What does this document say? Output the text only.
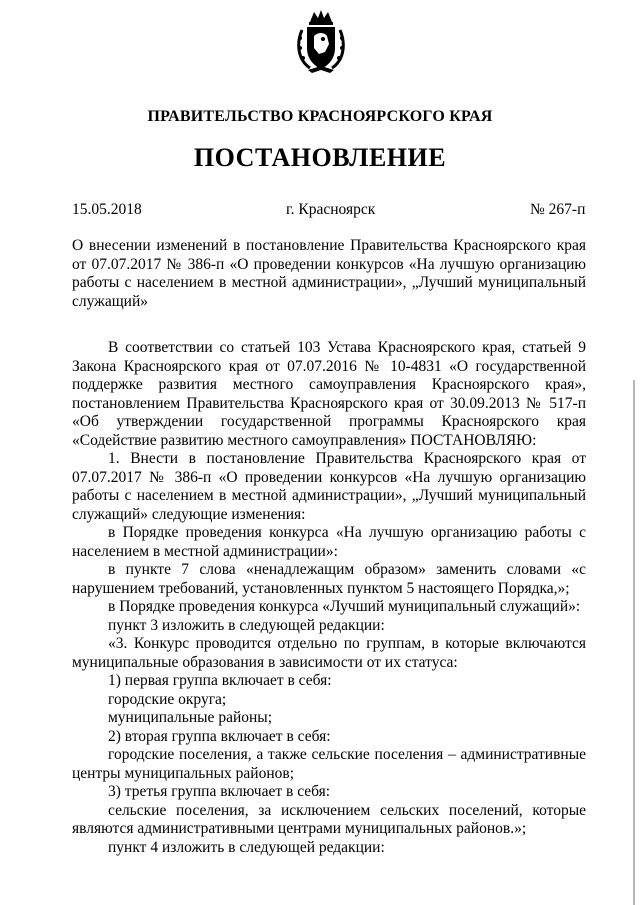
ПРАВИТЕЛЬСТВО КРАСНОЯРСКОГО КРАЯ
ПОСТАНОВЛЕНИЕ
15.05.2018	г. Красноярск	№ 267-п
О внесении изменений в постановление Правительства Красноярского края от 07.07.2017 № 386-п «О проведении конкурсов «На лучшую организацию работы с населением в местной администрации», „Лучший муниципальный служащий»

В соответствии со статьей 103 Устава Красноярского края, статьей 9 Закона Красноярского края от 07.07.2016 № 10-4831 «О государственной поддержке развития местного самоуправления Красноярского края», постановлением Правительства Красноярского края от 30.09.2013 № 517-п «Об утверждении государственной программы Красноярского края «Содействие развитию местного самоуправления» ПОСТАНОВЛЯЮ:

1. Внести в постановление Правительства Красноярского края от 07.07.2017 № 386-п «О проведении конкурсов «На лучшую организацию работы с населением в местной администрации», „Лучший муниципальный служащий» следующие изменения:

в Порядке проведения конкурса «На лучшую организацию работы с населением в местной администрации»:

в пункте 7 слова «ненадлежащим образом» заменить словами «с нарушением требований, установленных пунктом 5 настоящего Порядка,»;

в Порядке проведения конкурса «Лучший муниципальный служащий»:

пункт 3 изложить в следующей редакции:

«3. Конкурс проводится отдельно по группам, в которые включаются муниципальные образования в зависимости от их статуса:

1) первая группа включает в себя:

городские округа;

муниципальные районы;

2) вторая группа включает в себя:

городские поселения, а также сельские поселения – административные центры муниципальных районов;

3) третья группа включает в себя:

сельские поселения, за исключением сельских поселений, которые являются административными центрами муниципальных районов.»;

пункт 4 изложить в следующей редакции:
